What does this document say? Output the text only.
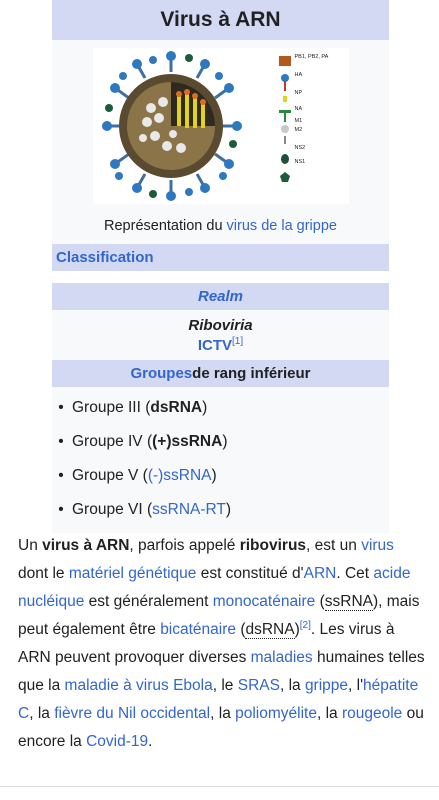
Virus à ARN
PB1, PB2, PA
HA
NP
NA
M1
M2
NS2
NS1
Représentation du virus de la grippe
Classification
Realm
Riboviria
ICTV[1]
Groupes de rang inférieur
• Groupe III ( dsRNA )
• Groupe IV ( (+)ssRNA )
• Groupe V ( (-)ssRNA )
• Groupe VI ( ssRNA-RT )
Un virus à ARN, parfois appelé ribovirus, est un virus dont le matériel génétique est constitué d'ARN. Cet acide nucléique est généralement monocaténaire (ssRNA), mais peut également être bicaténaire (dsRNA)[2]. Les virus à ARN peuvent provoquer diverses maladies humaines telles que la maladie à virus Ebola, le SRAS, la grippe, l'hépatite C, la fièvre du Nil occidental, la poliomyélite, la rougeole ou encore la Covid-19.
